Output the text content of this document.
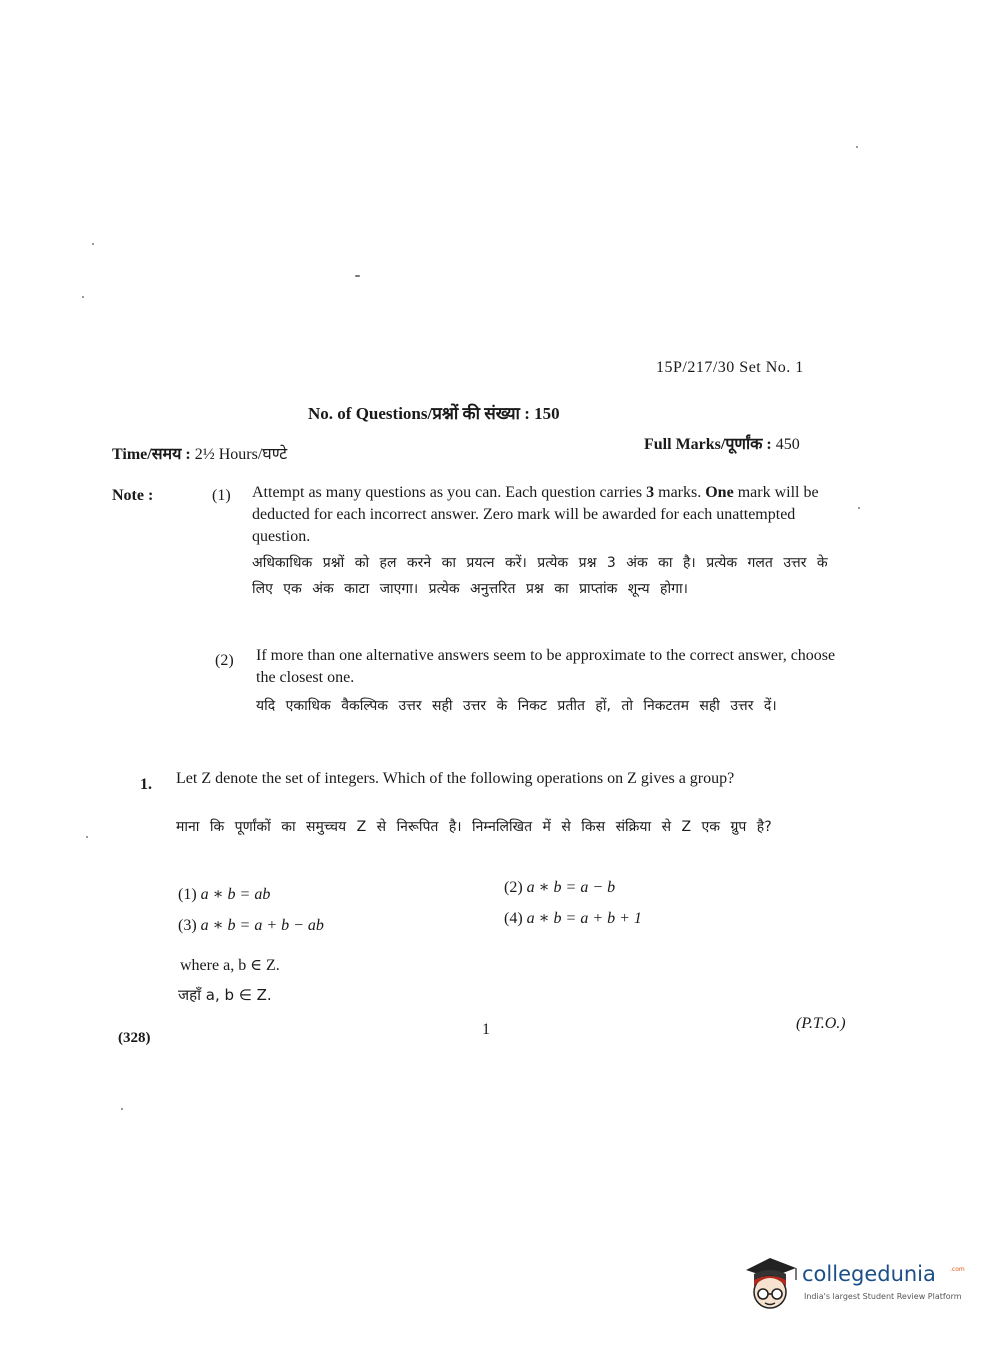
15P/217/30 Set No. 1
No. of Questions/प्रश्नों की संख्या : 150
Time/समय : 2½ Hours/घण्टे
Full Marks/पूर्णांक : 450
Note :	(1) Attempt as many questions as you can. Each question carries 3 marks. One mark will be deducted for each incorrect answer. Zero mark will be awarded for each unattempted question.
अधिकाधिक प्रश्नों को हल करने का प्रयत्न करें। प्रत्येक प्रश्न 3 अंक का है। प्रत्येक गलत उत्तर के लिए एक अंक काटा जाएगा। प्रत्येक अनुत्तरित प्रश्न का प्राप्तांक शून्य होगा।
(2) If more than one alternative answers seem to be approximate to the correct answer, choose the closest one.
यदि एकाधिक वैकल्पिक उत्तर सही उत्तर के निकट प्रतीत हों, तो निकटतम सही उत्तर दें।
1. Let Z denote the set of integers. Which of the following operations on Z gives a group?
माना कि पूर्णांकों का समुच्चय Z से निरूपित है। निम्नलिखित में से किस संक्रिया से Z एक ग्रुप है?
(1) a ∗ b = ab	(2) a ∗ b = a − b
(3) a ∗ b = a + b − ab	(4) a ∗ b = a + b + 1
where a, b ∈ Z.
जहाँ a, b ∈ Z.
1	(P.T.O.)
(328)
collegedunia .com
India's largest Student Review Platform
